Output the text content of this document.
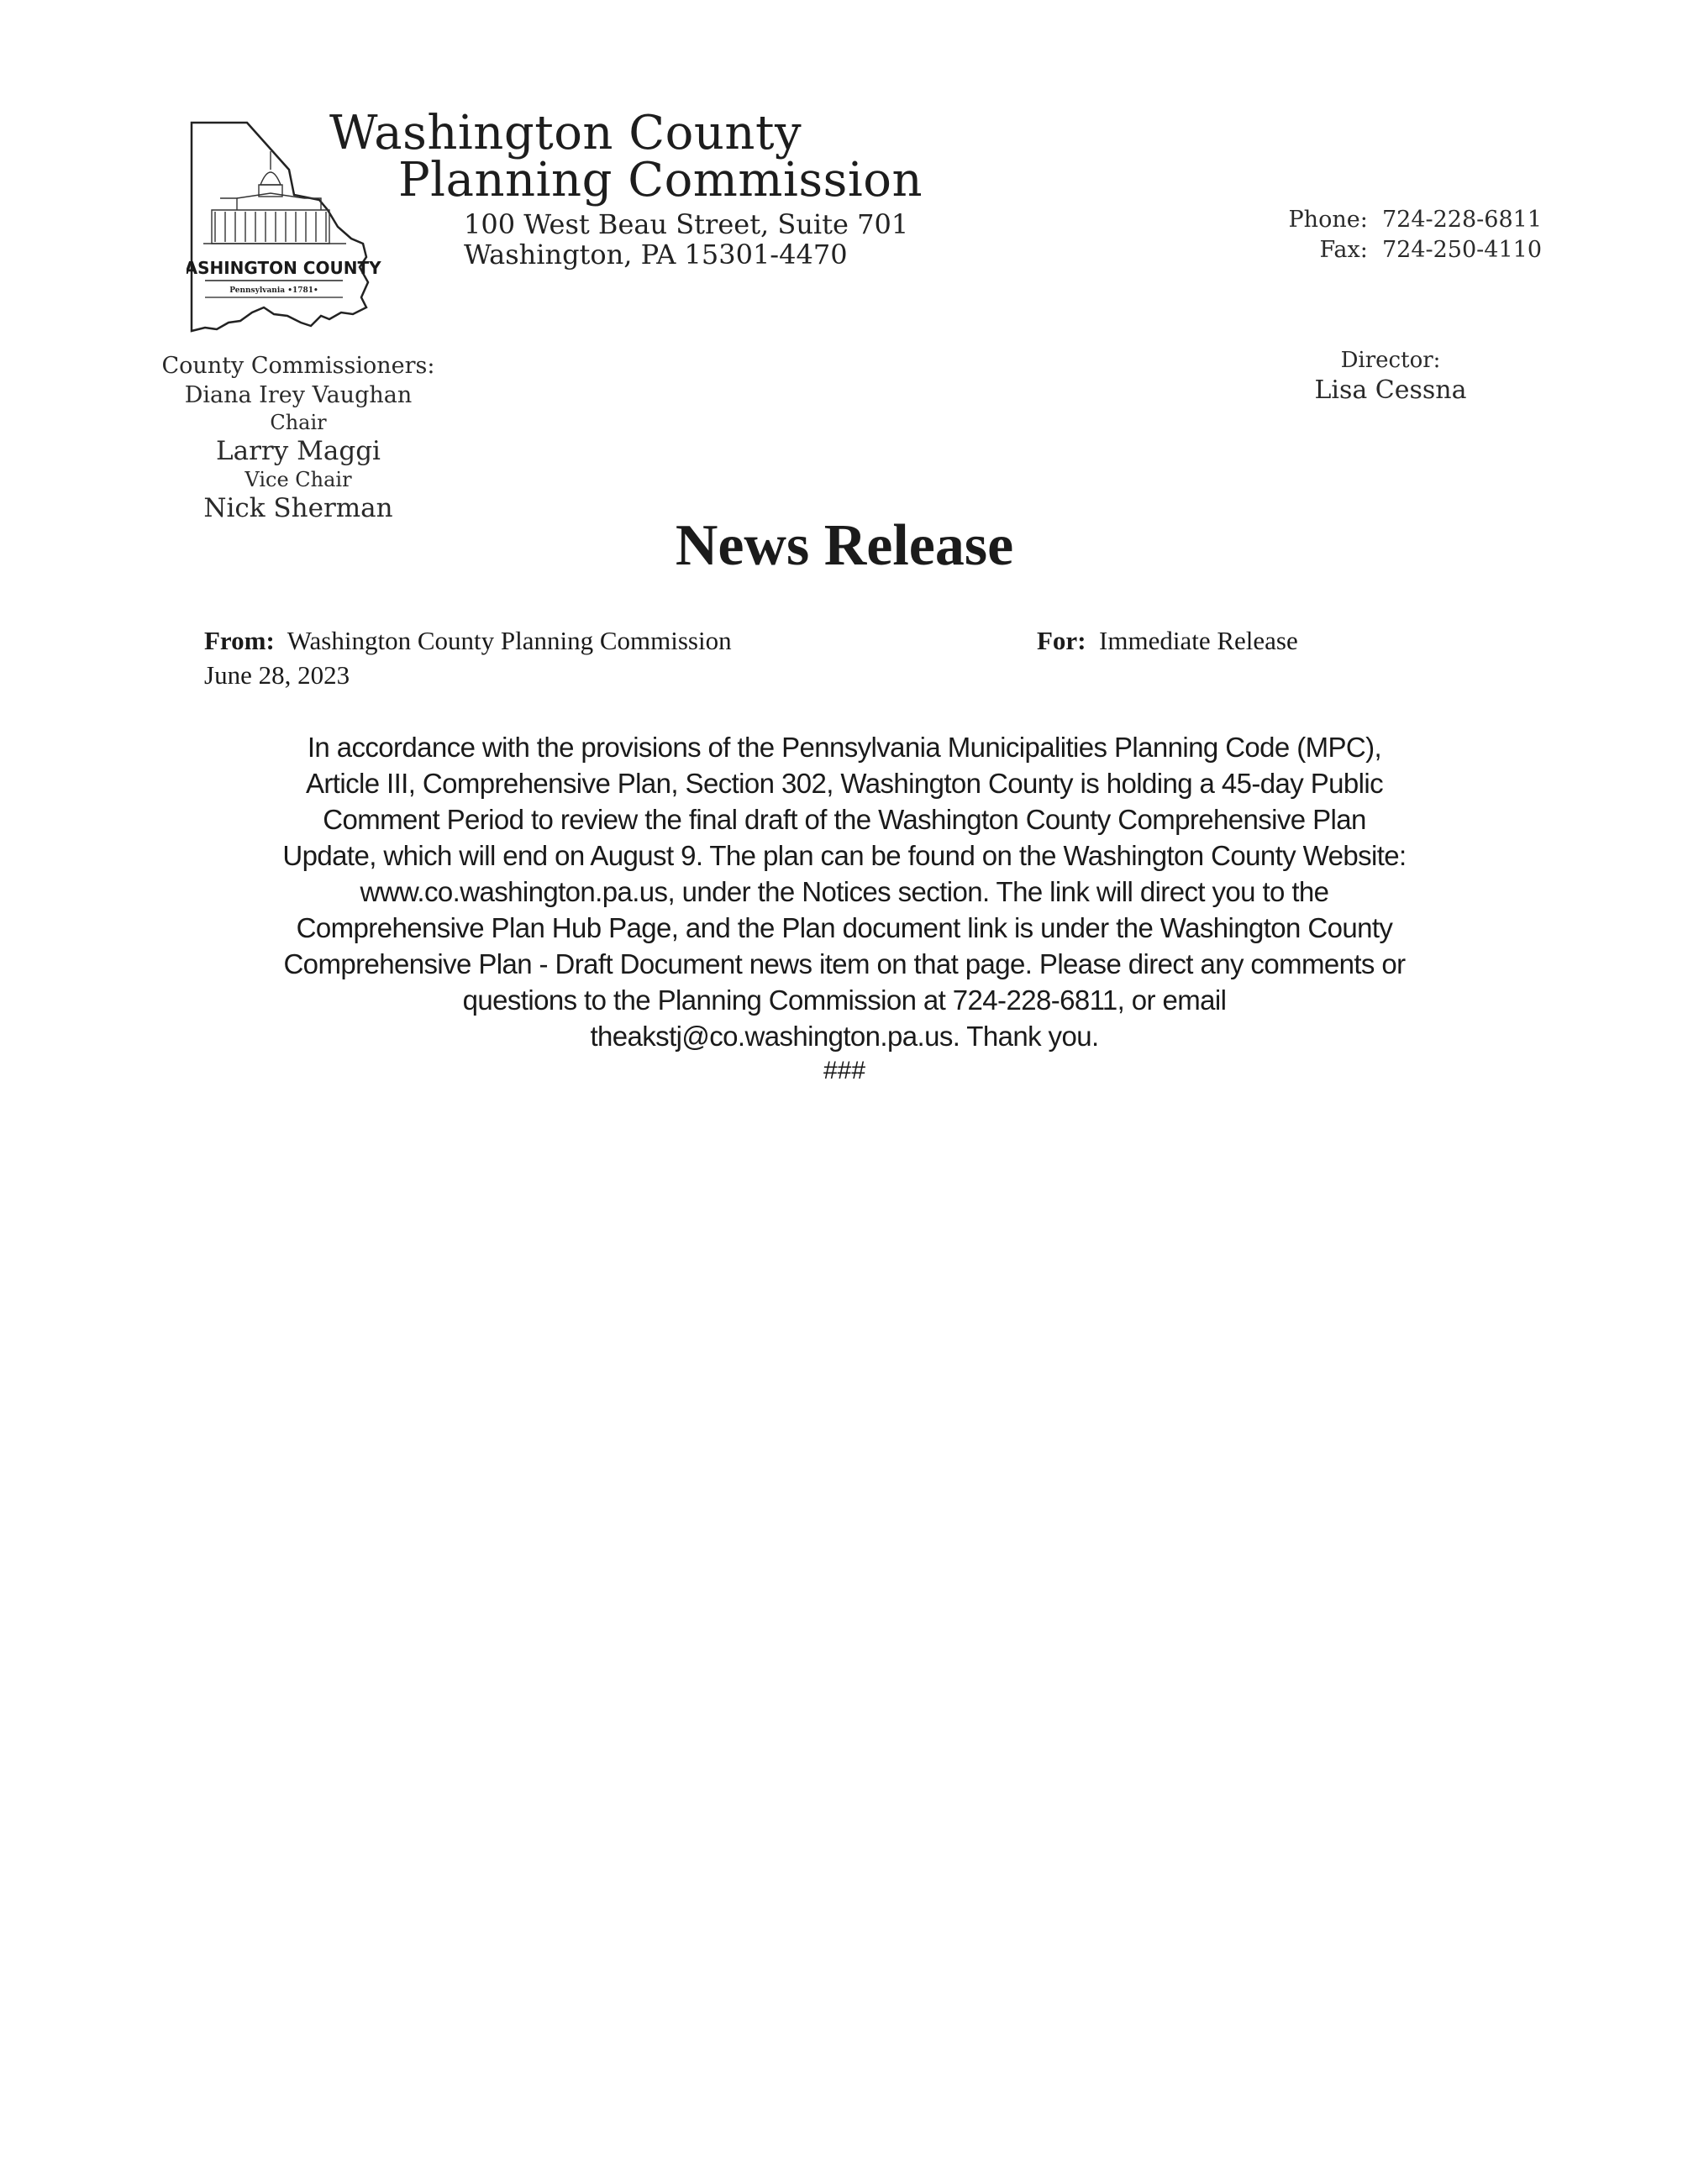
WASHINGTON COUNTY
Pennsylvania •1781•
Washington County
Planning Commission
100 West Beau Street, Suite 701
Washington, PA 15301-4470
Phone: 724-228-6811
Fax: 724-250-4110
County Commissioners:
Diana Irey Vaughan
Chair
Larry Maggi
Vice Chair
Nick Sherman
Director:
Lisa Cessna
News Release
From: Washington County Planning Commission
June 28, 2023
For: Immediate Release
In accordance with the provisions of the Pennsylvania Municipalities Planning Code (MPC),
Article III, Comprehensive Plan, Section 302, Washington County is holding a 45-day Public
Comment Period to review the final draft of the Washington County Comprehensive Plan
Update, which will end on August 9. The plan can be found on the Washington County Website:
www.co.washington.pa.us, under the Notices section. The link will direct you to the
Comprehensive Plan Hub Page, and the Plan document link is under the Washington County
Comprehensive Plan - Draft Document news item on that page. Please direct any comments or
questions to the Planning Commission at 724-228-6811, or email
theakstj@co.washington.pa.us. Thank you.
###
